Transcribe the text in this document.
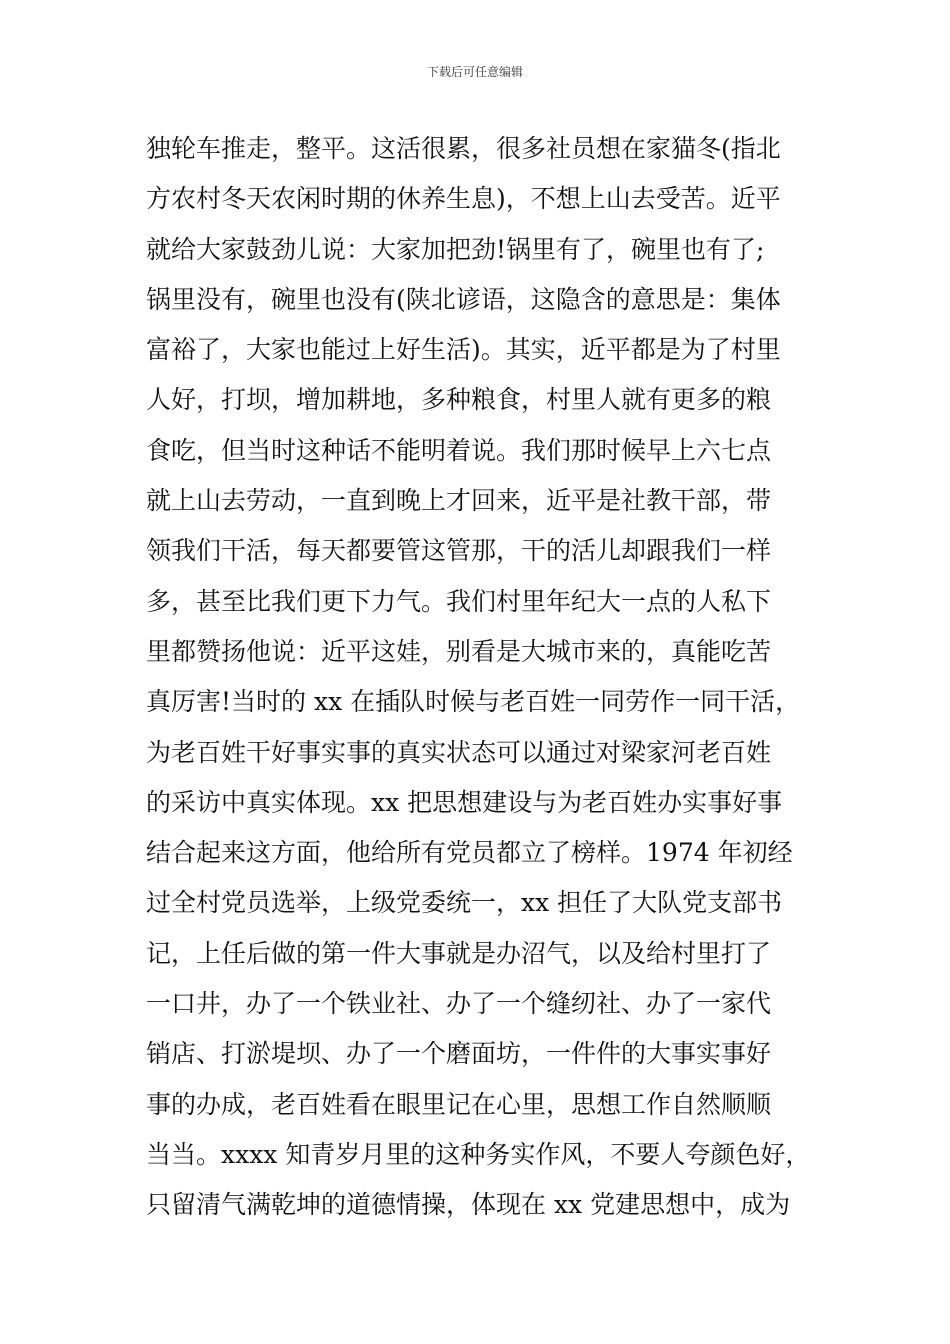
下载后可任意编辑
独轮车推走，整平。这活很累，很多社员想在家猫冬(指北
方农村冬天农闲时期的休养生息)，不想上山去受苦。近平
就给大家鼓劲儿说：大家加把劲!锅里有了，碗里也有了;
锅里没有，碗里也没有(陕北谚语，这隐含的意思是：集体
富裕了，大家也能过上好生活)。其实，近平都是为了村里
人好，打坝，增加耕地，多种粮食，村里人就有更多的粮
食吃，但当时这种话不能明着说。我们那时候早上六七点
就上山去劳动，一直到晚上才回来，近平是社教干部，带
领我们干活，每天都要管这管那，干的活儿却跟我们一样
多，甚至比我们更下力气。我们村里年纪大一点的人私下
里都赞扬他说：近平这娃，别看是大城市来的，真能吃苦
真厉害!当时的 xx 在插队时候与老百姓一同劳作一同干活，
为老百姓干好事实事的真实状态可以通过对梁家河老百姓
的采访中真实体现。xx 把思想建设与为老百姓办实事好事
结合起来这方面，他给所有党员都立了榜样。1974 年初经
过全村党员选举，上级党委统一，xx 担任了大队党支部书
记，上任后做的第一件大事就是办沼气，以及给村里打了
一口井，办了一个铁业社、办了一个缝纫社、办了一家代
销店、打淤堤坝、办了一个磨面坊，一件件的大事实事好
事的办成，老百姓看在眼里记在心里，思想工作自然顺顺
当当。xxxx 知青岁月里的这种务实作风，不要人夸颜色好，
只留清气满乾坤的道德情操，体现在 xx 党建思想中，成为
